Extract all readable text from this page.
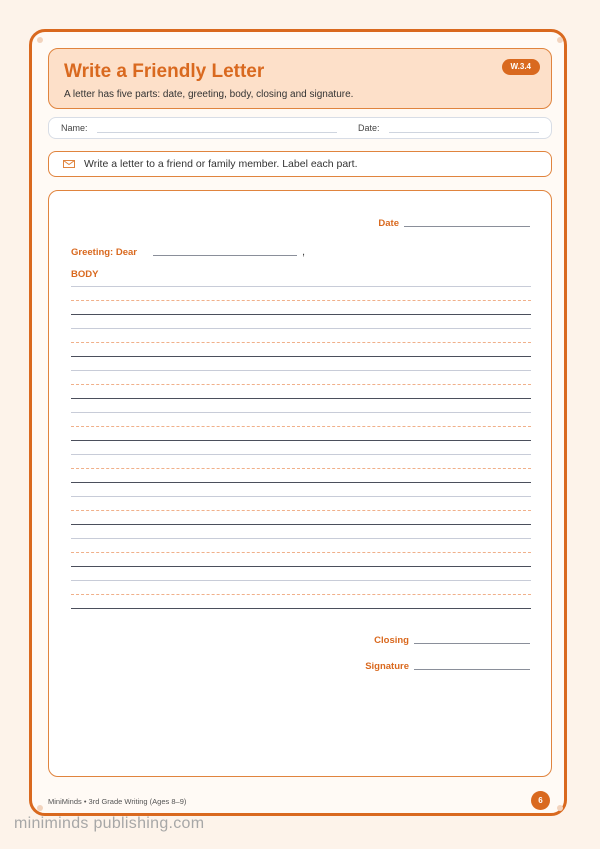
Write a Friendly Letter
A letter has five parts: date, greeting, body, closing and signature.
W.3.4
Name:	Date:
Write a letter to a friend or family member. Label each part.
Date
Greeting: Dear	,
BODY
Closing
Signature
MiniMinds • 3rd Grade Writing (Ages 8–9)	6
miniminds publishing.com
